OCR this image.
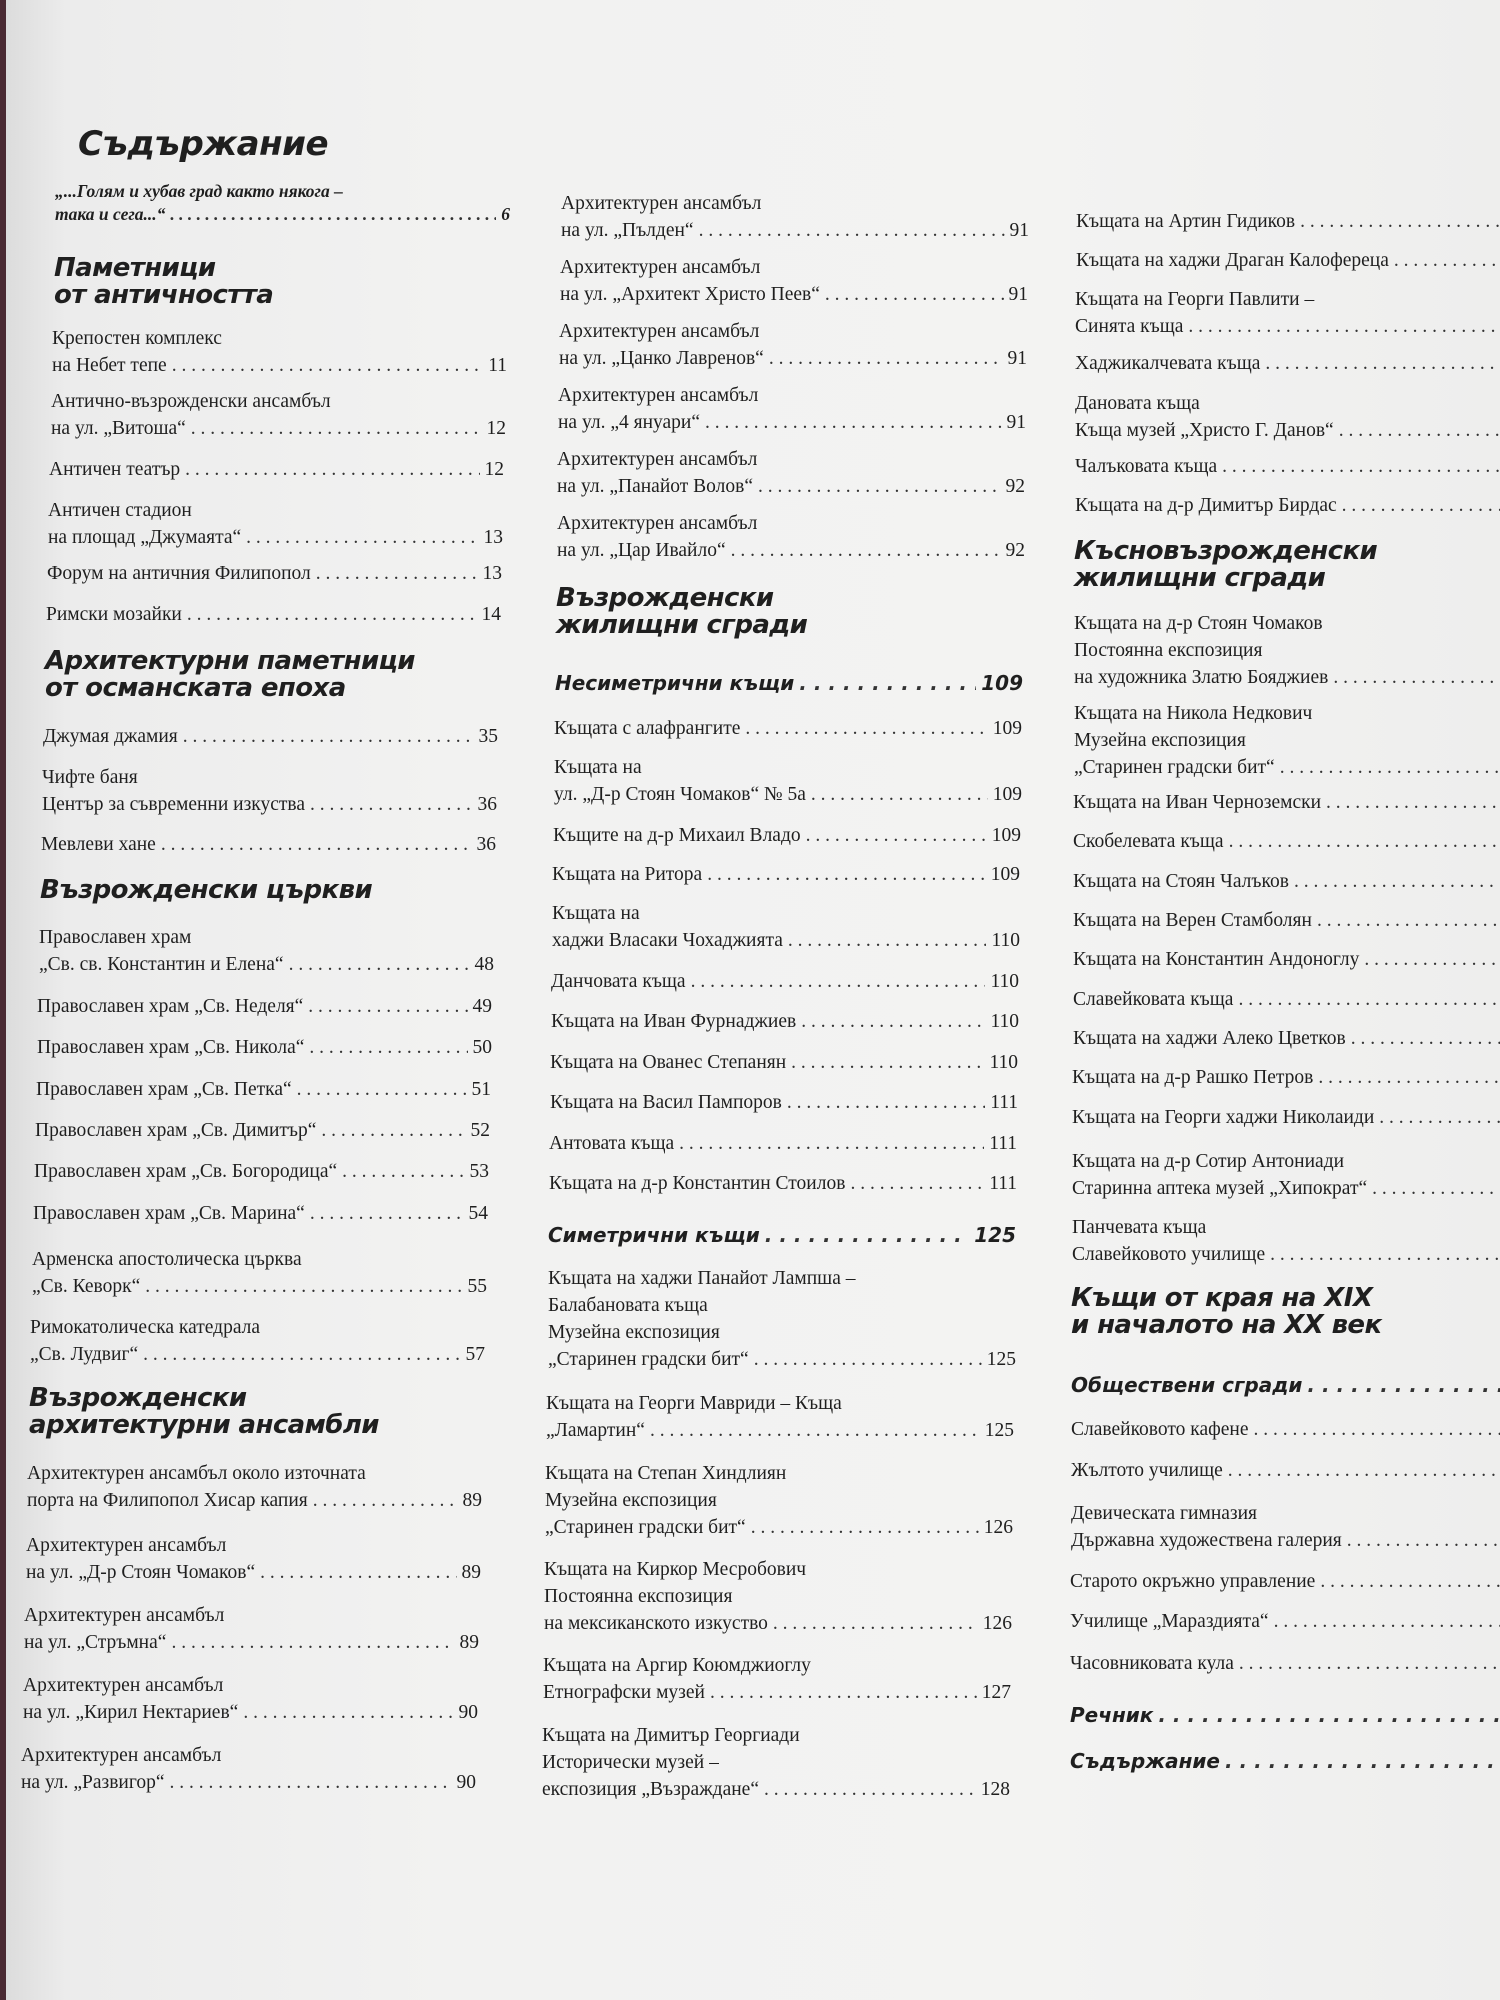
Съдържание
„...Голям и хубав град както някога –
така и сега...“ . . .	6
Паметници
от античността
Крепостен комплекс
на Небет тепе . . .	11
Антично-възрожденски ансамбъл
на ул. „Витоша“ . . .	12
Античен театър . . .	12
Античен стадион
на площад „Джумаята“ . . .	13
Форум на античния Филипопол . . .	13
Римски мозайки . . .	14
Архитектурни паметници
от османската епоха
Джумая джамия . . .	35
Чифте баня
Център за съвременни изкуства . . .	36
Мевлеви хане . . .	36
Възрожденски църкви
Православен храм
„Св. св. Константин и Елена“ . . .	48
Православен храм „Св. Неделя“ . . .	49
Православен храм „Св. Никола“ . . .	50
Православен храм „Св. Петка“ . . .	51
Православен храм „Св. Димитър“ . . .	52
Православен храм „Св. Богородица“ . . .	53
Православен храм „Св. Марина“ . . .	54
Арменска апостолическа църква
„Св. Кеворк“ . . .	55
Римокатолическа катедрала
„Св. Лудвиг“ . . .	57
Възрожденски
архитектурни ансамбли
Архитектурен ансамбъл около източната
порта на Филипопол Хисар капия . . .	89
Архитектурен ансамбъл
на ул. „Д-р Стоян Чомаков“ . . .	89
Архитектурен ансамбъл
на ул. „Стръмна“ . . .	89
Архитектурен ансамбъл
на ул. „Кирил Нектариев“ . . .	90
Архитектурен ансамбъл
на ул. „Развигор“ . . .	90
Архитектурен ансамбъл
на ул. „Пълден“ . . .	91
Архитектурен ансамбъл
на ул. „Архитект Христо Пеев“ . . .	91
Архитектурен ансамбъл
на ул. „Цанко Лавренов“ . . .	91
Архитектурен ансамбъл
на ул. „4 януари“ . . .	91
Архитектурен ансамбъл
на ул. „Панайот Волов“ . . .	92
Архитектурен ансамбъл
на ул. „Цар Ивайло“ . . .	92
Възрожденски
жилищни сгради
Несиметрични къщи . . .	109
Къщата с алафрангите . . .	109
Къщата на
ул. „Д-р Стоян Чомаков“ № 5а . . .	109
Къщите на д-р Михаил Владо . . .	109
Къщата на Ритора . . .	109
Къщата на
хаджи Власаки Чохаджията . . .	110
Данчовата къща . . .	110
Къщата на Иван Фурнаджиев . . .	110
Къщата на Ованес Степанян . . .	110
Къщата на Васил Пампоров . . .	111
Антовата къща . . .	111
Къщата на д-р Константин Стоилов . . .	111
Симетрични къщи . . .	125
Къщата на хаджи Панайот Лампша –
Балабановата къща
Музейна експозиция
„Старинен градски бит“ . . .	125
Къщата на Георги Мавриди – Къща
„Ламартин“ . . .	125
Къщата на Степан Хиндлиян
Музейна експозиция
„Старинен градски бит“ . . .	126
Къщата на Киркор Месробович
Постоянна експозиция
на мексиканското изкуство . . .	126
Къщата на Аргир Коюмджиоглу
Етнографски музей . . .	127
Къщата на Димитър Георгиади
Исторически музей –
експозиция „Възраждане“ . . .	128
Къщата на Артин Гидиков
. . .
Къщата на хаджи Драган Калофереца
. . .
Къщата на Георги Павлити –
Синята къща
. . .
Хаджикалчевата къща
. . .
Дановата къща
Къща музей „Христо Г. Данов“
. . .
Чалъковата къща
. . .
Къщата на д-р Димитър Бирдас
. . .
Късновъзрожденски
жилищни сгради
Къщата на д-р Стоян Чомаков
Постоянна експозиция
на художника Златю Бояджиев
. . .
Къщата на Никола Недкович
Музейна експозиция
„Старинен градски бит“
. . .
Къщата на Иван Черноземски
. . .
Скобелевата къща
. . .
Къщата на Стоян Чалъков
. . .
Къщата на Верен Стамболян
. . .
Къщата на Константин Андоноглу
. . .
Славейковата къща
. . .
Къщата на хаджи Алеко Цветков
. . .
Къщата на д-р Рашко Петров
. . .
Къщата на Георги хаджи Николаиди
. . .
Къщата на д-р Сотир Антониади
Старинна аптека музей „Хипократ“
. . .
Панчевата къща
Славейковото училище
. . .
Къщи от края на XIX
и началото на XX век
Обществени сгради
. . .
Славейковото кафене
. . .
Жълтото училище
. . .
Девическата гимназия
Държавна художествена галерия
. . .
Старото окръжно управление
. . .
Училище „Мараздията“
. . .
Часовниковата кула
. . .
Речник
. . .
Съдържание
. . .
